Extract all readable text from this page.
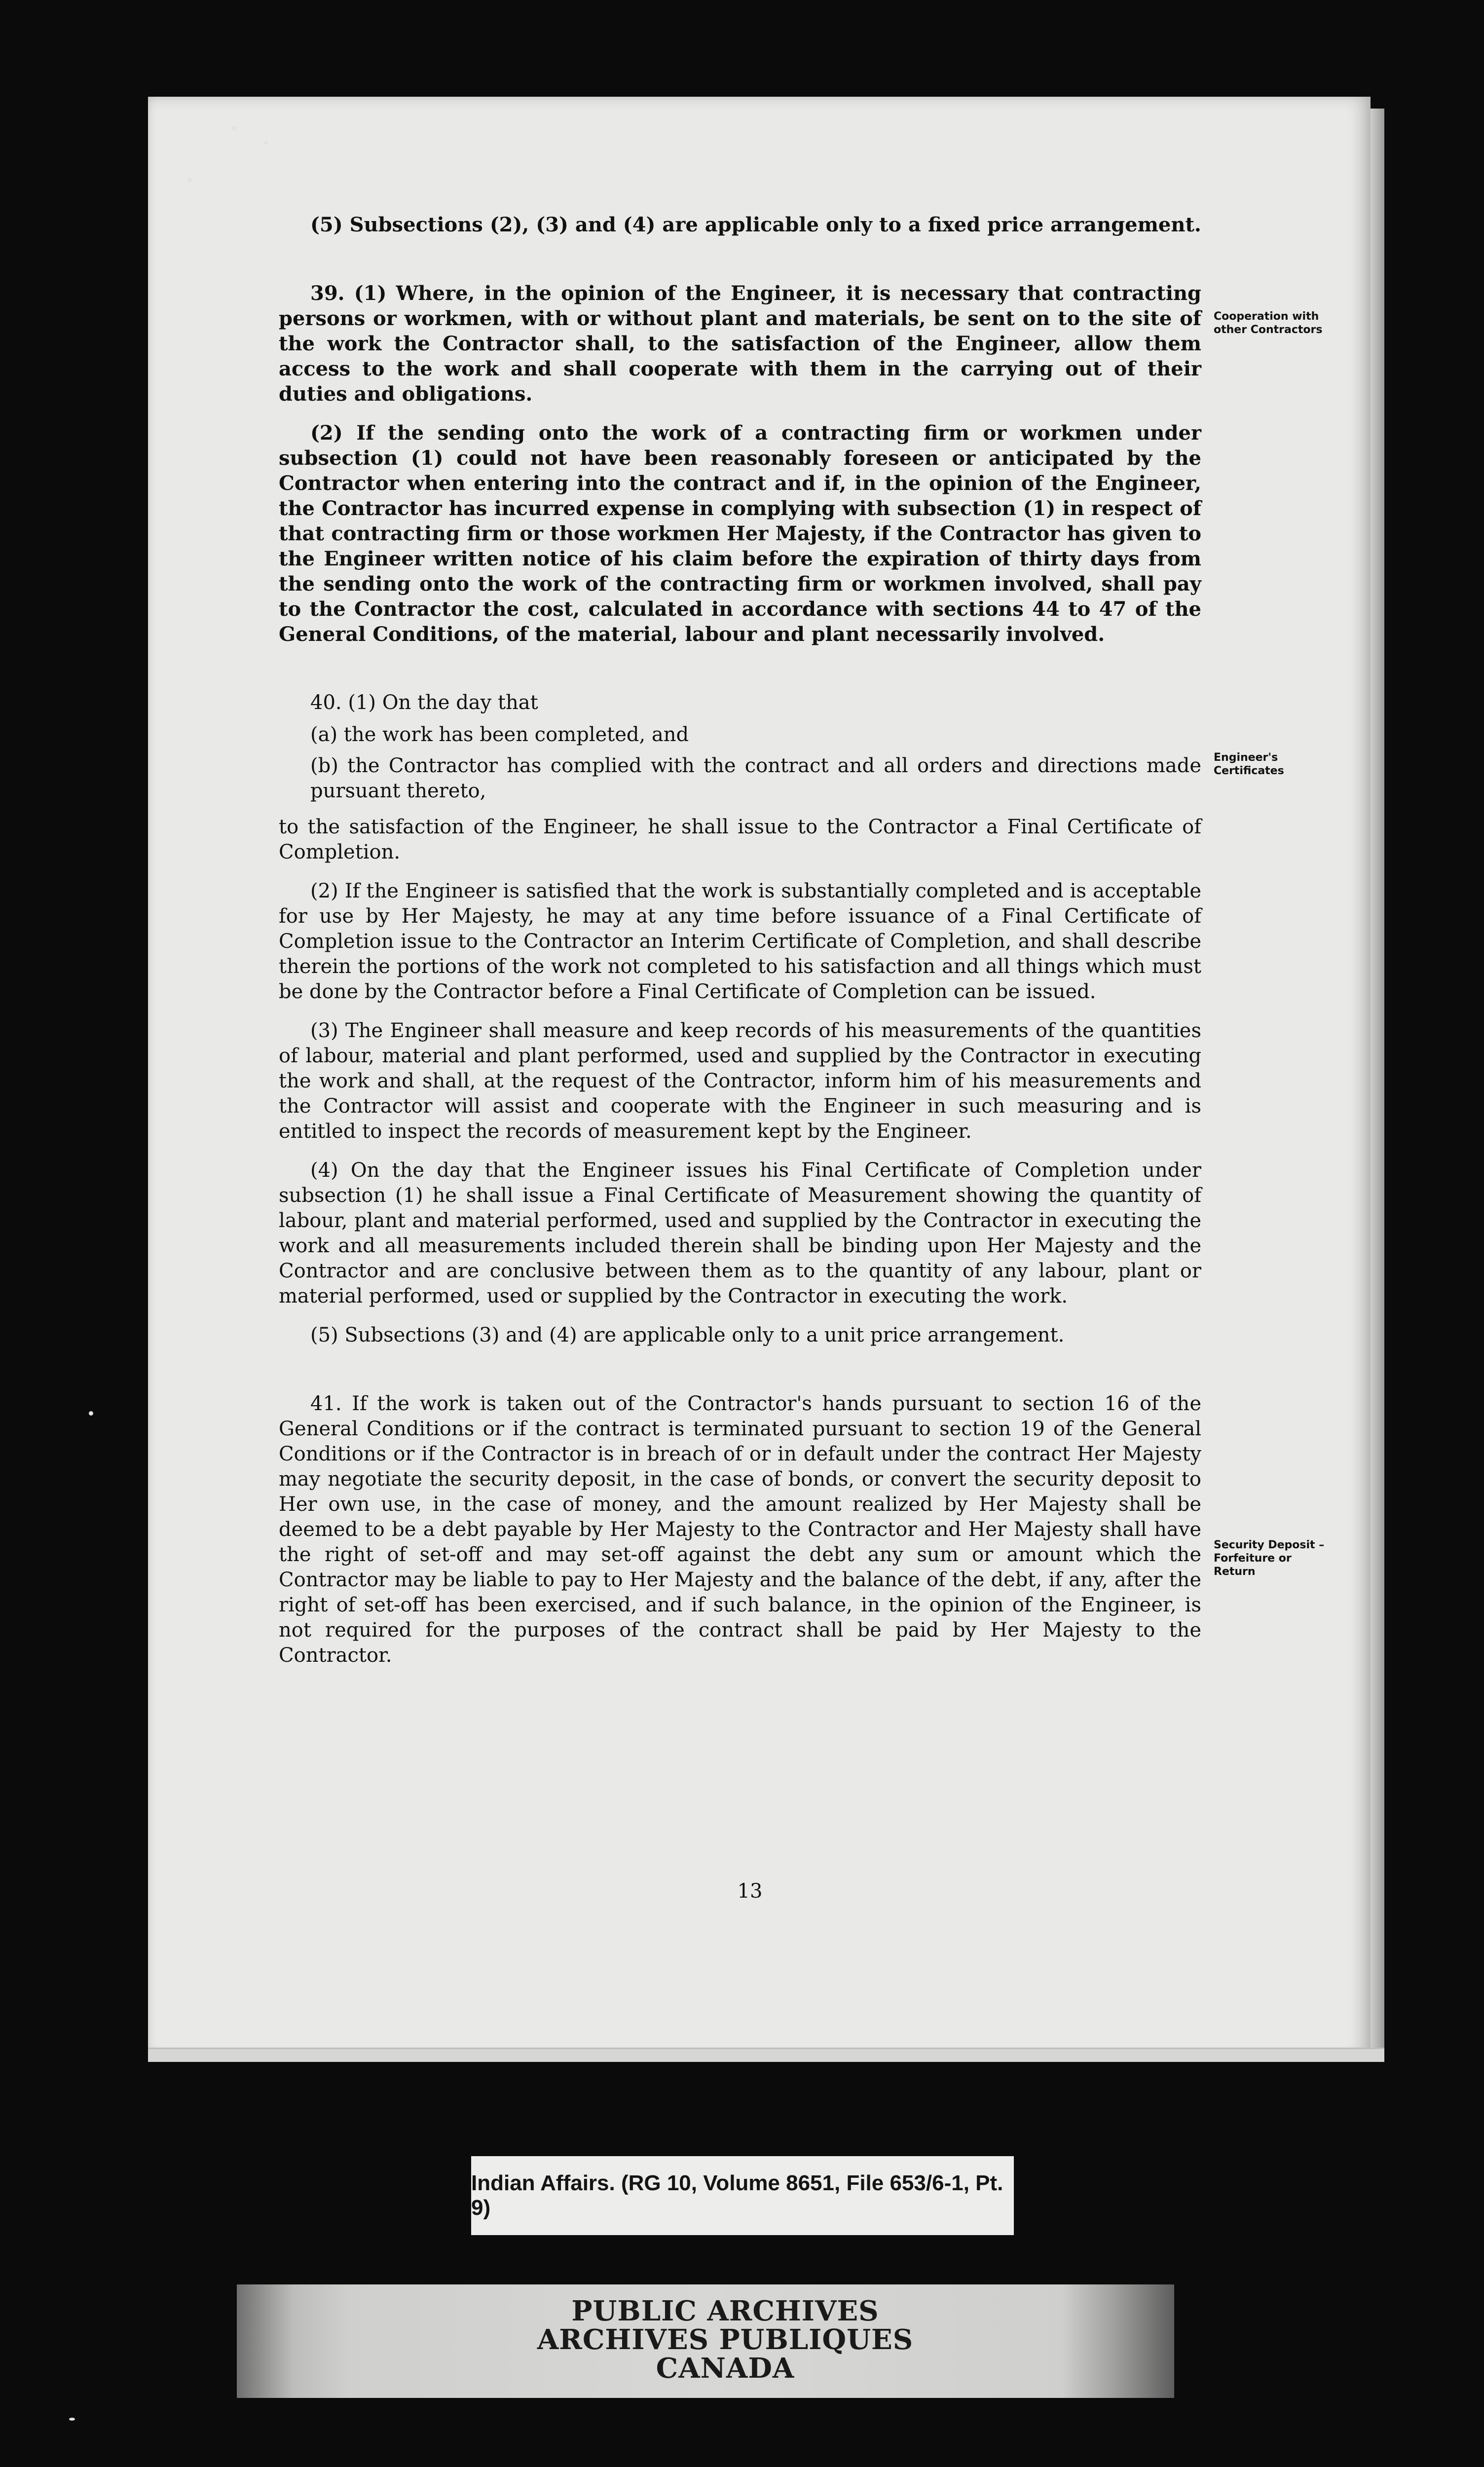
(5) Subsections (2), (3) and (4) are applicable only to a fixed price arrangement.

39. (1) Where, in the opinion of the Engineer, it is necessary that contracting persons or workmen, with or without plant and materials, be sent on to the site of the work the Contractor shall, to the satisfaction of the Engineer, allow them access to the work and shall cooperate with them in the carrying out of their duties and obligations.

(2) If the sending onto the work of a contracting firm or workmen under subsection (1) could not have been reasonably foreseen or anticipated by the Contractor when entering into the contract and if, in the opinion of the Engineer, the Contractor has incurred expense in complying with subsection (1) in respect of that contracting firm or those workmen Her Majesty, if the Contractor has given to the Engineer written notice of his claim before the expiration of thirty days from the sending onto the work of the contracting firm or workmen involved, shall pay to the Contractor the cost, calculated in accordance with sections 44 to 47 of the General Conditions, of the material, labour and plant necessarily involved.

40. (1) On the day that

(a) the work has been completed, and
(b) the Contractor has complied with the contract and all orders and directions made pursuant thereto,

to the satisfaction of the Engineer, he shall issue to the Contractor a Final Certificate of Completion.

(2) If the Engineer is satisfied that the work is substantially completed and is acceptable for use by Her Majesty, he may at any time before issuance of a Final Certificate of Completion issue to the Contractor an Interim Certificate of Completion, and shall describe therein the portions of the work not completed to his satisfaction and all things which must be done by the Contractor before a Final Certificate of Completion can be issued.

(3) The Engineer shall measure and keep records of his measurements of the quantities of labour, material and plant performed, used and supplied by the Contractor in executing the work and shall, at the request of the Contractor, inform him of his measurements and the Contractor will assist and cooperate with the Engineer in such measuring and is entitled to inspect the records of measurement kept by the Engineer.

(4) On the day that the Engineer issues his Final Certificate of Completion under subsection (1) he shall issue a Final Certificate of Measurement showing the quantity of labour, plant and material performed, used and supplied by the Contractor in executing the work and all measurements included therein shall be binding upon Her Majesty and the Contractor and are conclusive between them as to the quantity of any labour, plant or material performed, used or supplied by the Contractor in executing the work.

(5) Subsections (3) and (4) are applicable only to a unit price arrangement.

41. If the work is taken out of the Contractor's hands pursuant to section 16 of the General Conditions or if the contract is terminated pursuant to section 19 of the General Conditions or if the Contractor is in breach of or in default under the contract Her Majesty may negotiate the security deposit, in the case of bonds, or convert the security deposit to Her own use, in the case of money, and the amount realized by Her Majesty shall be deemed to be a debt payable by Her Majesty to the Contractor and Her Majesty shall have the right of set-off and may set-off against the debt any sum or amount which the Contractor may be liable to pay to Her Majesty and the balance of the debt, if any, after the right of set-off has been exercised, and if such balance, in the opinion of the Engineer, is not required for the purposes of the contract shall be paid by Her Majesty to the Contractor.

Cooperation with other Contractors
Engineer's Certificates
Security Deposit – Forfeiture or Return
13
Indian Affairs. (RG 10, Volume 8651, File 653/6-1, Pt. 9)
PUBLIC ARCHIVES
ARCHIVES PUBLIQUES
CANADA
